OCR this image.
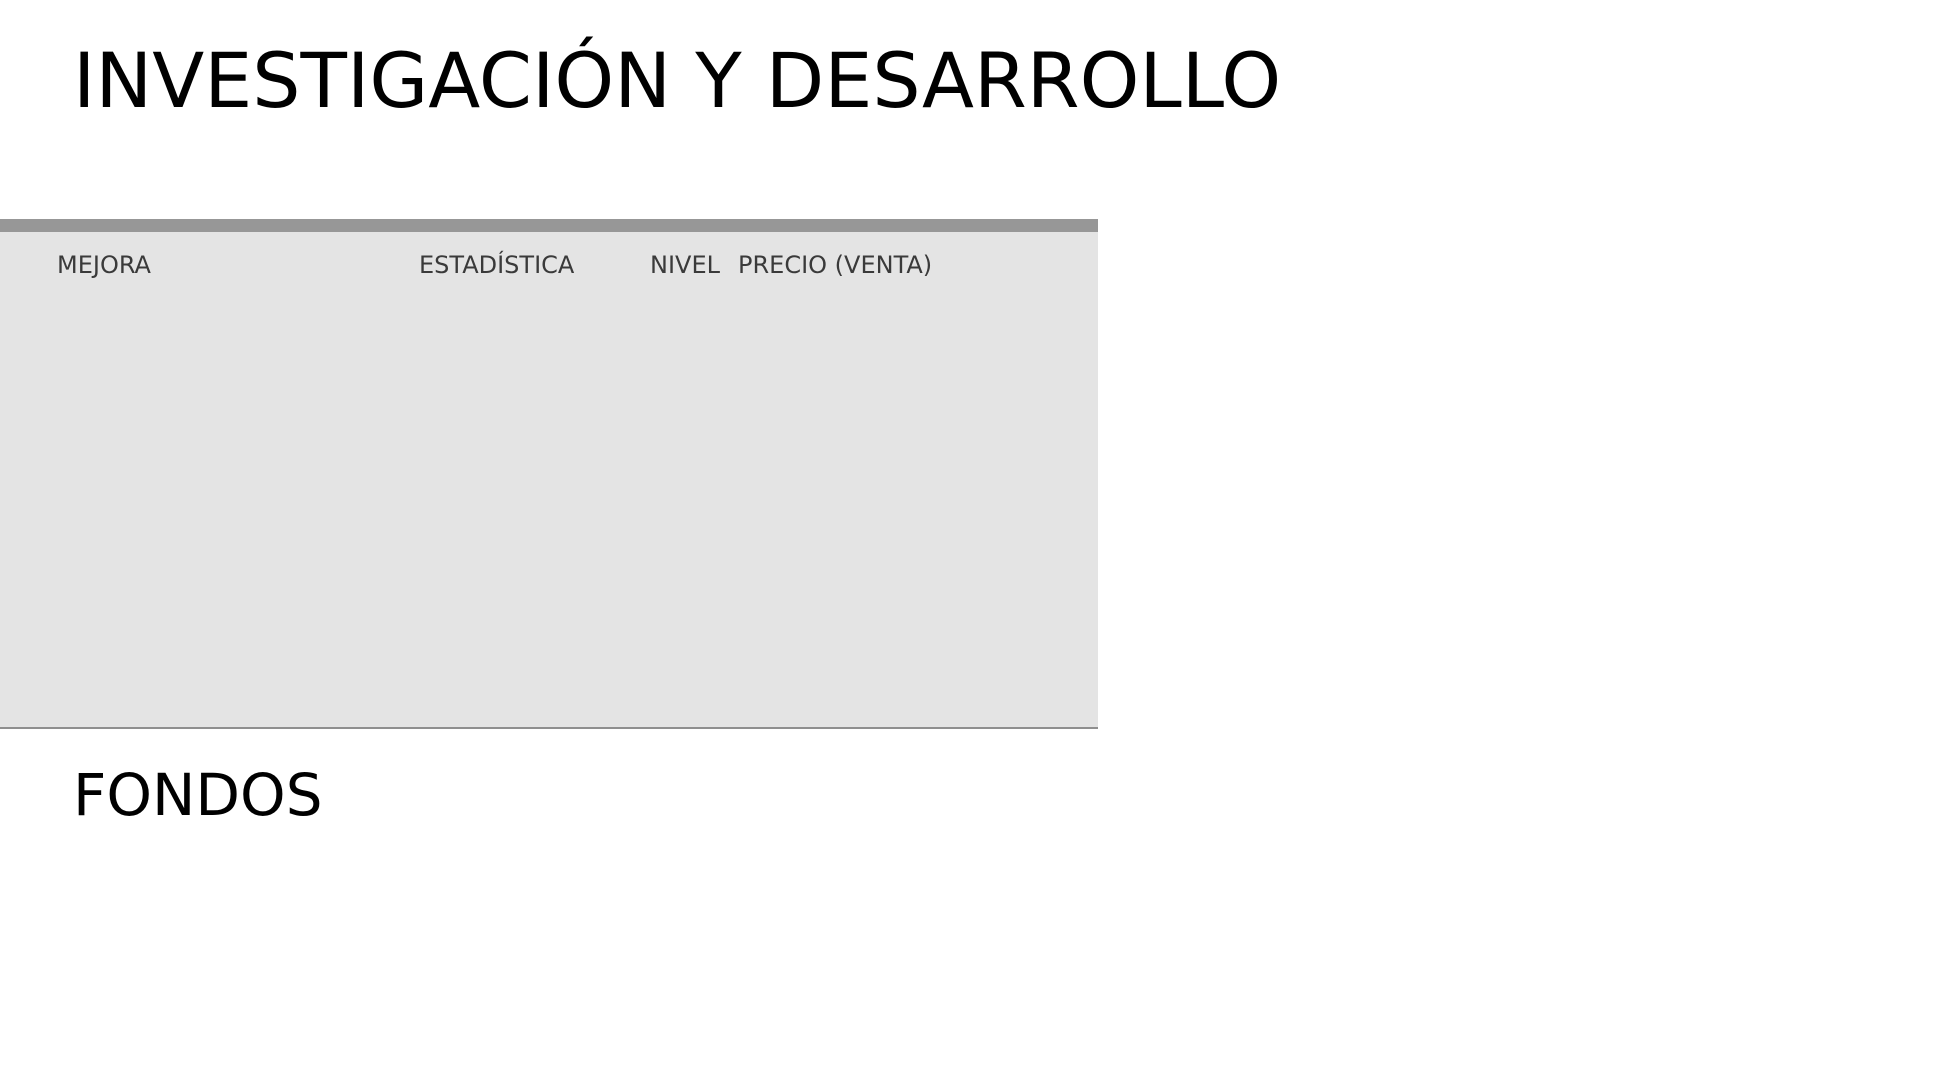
INVESTIGACIÓN Y DESARROLLO
MEJORA	ESTADÍSTICA	NIVEL PRECIO (VENTA)
FONDOS
